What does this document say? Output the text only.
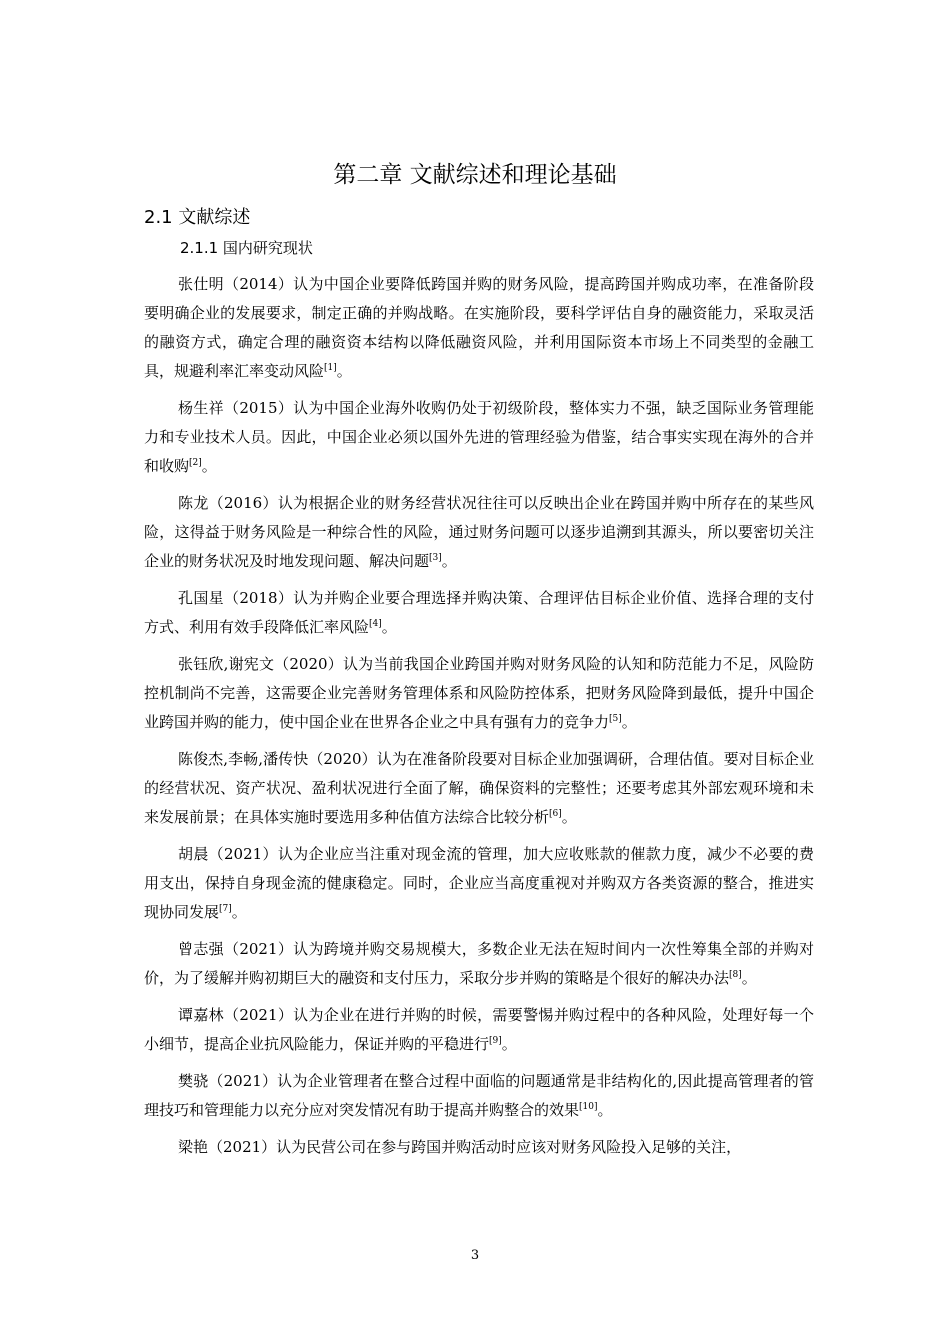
第二章 文献综述和理论基础
2.1 文献综述
2.1.1 国内研究现状

张仕明（2014）认为中国企业要降低跨国并购的财务风险，提高跨国并购成功率，在准备阶段要明确企业的发展要求，制定正确的并购战略。在实施阶段，要科学评估自身的融资能力，采取灵活的融资方式，确定合理的融资资本结构以降低融资风险，并利用国际资本市场上不同类型的金融工具，规避利率汇率变动风险[1]。

杨生祥（2015）认为中国企业海外收购仍处于初级阶段，整体实力不强，缺乏国际业务管理能力和专业技术人员。因此，中国企业必须以国外先进的管理经验为借鉴，结合事实实现在海外的合并和收购[2]。

陈龙（2016）认为根据企业的财务经营状况往往可以反映出企业在跨国并购中所存在的某些风险，这得益于财务风险是一种综合性的风险，通过财务问题可以逐步追溯到其源头，所以要密切关注企业的财务状况及时地发现问题、解决问题[3]。

孔国星（2018）认为并购企业要合理选择并购决策、合理评估目标企业价值、选择合理的支付方式、利用有效手段降低汇率风险[4]。

张钰欣,谢宪文（2020）认为当前我国企业跨国并购对财务风险的认知和防范能力不足，风险防控机制尚不完善，这需要企业完善财务管理体系和风险防控体系，把财务风险降到最低，提升中国企业跨国并购的能力，使中国企业在世界各企业之中具有强有力的竞争力[5]。

陈俊杰,李畅,潘传快（2020）认为在准备阶段要对目标企业加强调研，合理估值。要对目标企业的经营状况、资产状况、盈利状况进行全面了解，确保资料的完整性；还要考虑其外部宏观环境和未来发展前景；在具体实施时要选用多种估值方法综合比较分析[6]。

胡晨（2021）认为企业应当注重对现金流的管理，加大应收账款的催款力度，减少不必要的费用支出，保持自身现金流的健康稳定。同时，企业应当高度重视对并购双方各类资源的整合，推进实现协同发展[7]。

曾志强（2021）认为跨境并购交易规模大，多数企业无法在短时间内一次性筹集全部的并购对价，为了缓解并购初期巨大的融资和支付压力，采取分步并购的策略是个很好的解决办法[8]。

谭嘉林（2021）认为企业在进行并购的时候，需要警惕并购过程中的各种风险，处理好每一个小细节，提高企业抗风险能力，保证并购的平稳进行[9]。

樊骁（2021）认为企业管理者在整合过程中面临的问题通常是非结构化的,因此提高管理者的管理技巧和管理能力以充分应对突发情况有助于提高并购整合的效果[10]。

梁艳（2021）认为民营公司在参与跨国并购活动时应该对财务风险投入足够的关注，

3
